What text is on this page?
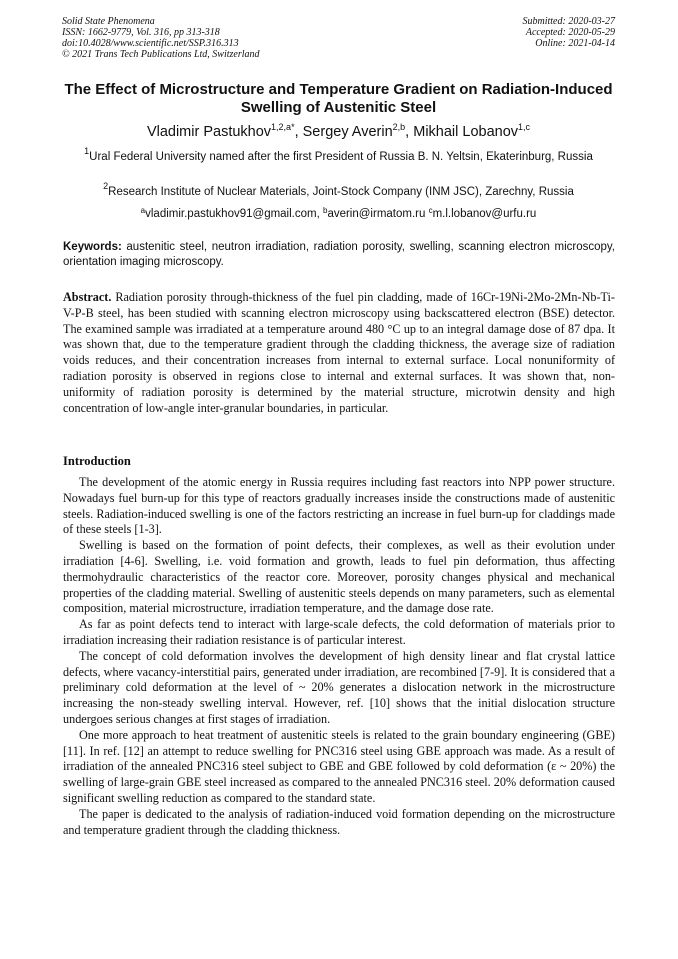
Solid State Phenomena
ISSN: 1662-9779, Vol. 316, pp 313-318
doi:10.4028/www.scientific.net/SSP.316.313
© 2021 Trans Tech Publications Ltd, Switzerland
Submitted: 2020-03-27
Accepted: 2020-05-29
Online: 2021-04-14
The Effect of Microstructure and Temperature Gradient on Radiation-Induced Swelling of Austenitic Steel
Vladimir Pastukhov$^{1,2,a*}$, Sergey Averin$^{2,b}$, Mikhail Lobanov$^{1,c}$
$^1$Ural Federal University named after the first President of Russia B. N. Yeltsin, Ekaterinburg, Russia
$^2$Research Institute of Nuclear Materials, Joint-Stock Company (INM JSC), Zarechny, Russia
$^a$vladimir.pastukhov91@gmail.com, $^b$averin@irmatom.ru $^c$m.l.lobanov@urfu.ru
Keywords: austenitic steel, neutron irradiation, radiation porosity, swelling, scanning electron microscopy, orientation imaging microscopy.
Abstract. Radiation porosity through-thickness of the fuel pin cladding, made of 16Cr-19Ni-2Mo-2Mn-Nb-Ti-V-P-B steel, has been studied with scanning electron microscopy using backscattered electron (BSE) detector. The examined sample was irradiated at a temperature around 480 °C up to an integral damage dose of 87 dpa. It was shown that, due to the temperature gradient through the cladding thickness, the average size of radiation voids reduces, and their concentration increases from internal to external surface. Local nonuniformity of radiation porosity is observed in regions close to internal and external surfaces. It was shown that, non-uniformity of radiation porosity is determined by the material structure, microtwin density and high concentration of low-angle inter-granular boundaries, in particular.
Introduction

The development of the atomic energy in Russia requires including fast reactors into NPP power structure. Nowadays fuel burn-up for this type of reactors gradually increases inside the constructions made of austenitic steels. Radiation-induced swelling is one of the factors restricting an increase in fuel burn-up for claddings made of these steels [1-3].

Swelling is based on the formation of point defects, their complexes, as well as their evolution under irradiation [4-6]. Swelling, i.e. void formation and growth, leads to fuel pin deformation, thus affecting thermohydraulic characteristics of the reactor core. Moreover, porosity changes physical and mechanical properties of the cladding material. Swelling of austenitic steels depends on many parameters, such as elemental composition, material microstructure, irradiation temperature, and the damage dose rate.

As far as point defects tend to interact with large-scale defects, the cold deformation of materials prior to irradiation increasing their radiation resistance is of particular interest.

The concept of cold deformation involves the development of high density linear and flat crystal lattice defects, where vacancy-interstitial pairs, generated under irradiation, are recombined [7-9]. It is considered that a preliminary cold deformation at the level of ~ 20% generates a dislocation network in the microstructure increasing the non-steady swelling interval. However, ref. [10] shows that the initial dislocation structure undergoes serious changes at first stages of irradiation.

One more approach to heat treatment of austenitic steels is related to the grain boundary engineering (GBE) [11]. In ref. [12] an attempt to reduce swelling for PNC316 steel using GBE approach was made. As a result of irradiation of the annealed PNC316 steel subject to GBE and GBE followed by cold deformation (ε ~ 20%) the swelling of large-grain GBE steel increased as compared to the annealed PNC316 steel. 20% deformation caused significant swelling reduction as compared to the standard state.

The paper is dedicated to the analysis of radiation-induced void formation depending on the microstructure and temperature gradient through the cladding thickness.
